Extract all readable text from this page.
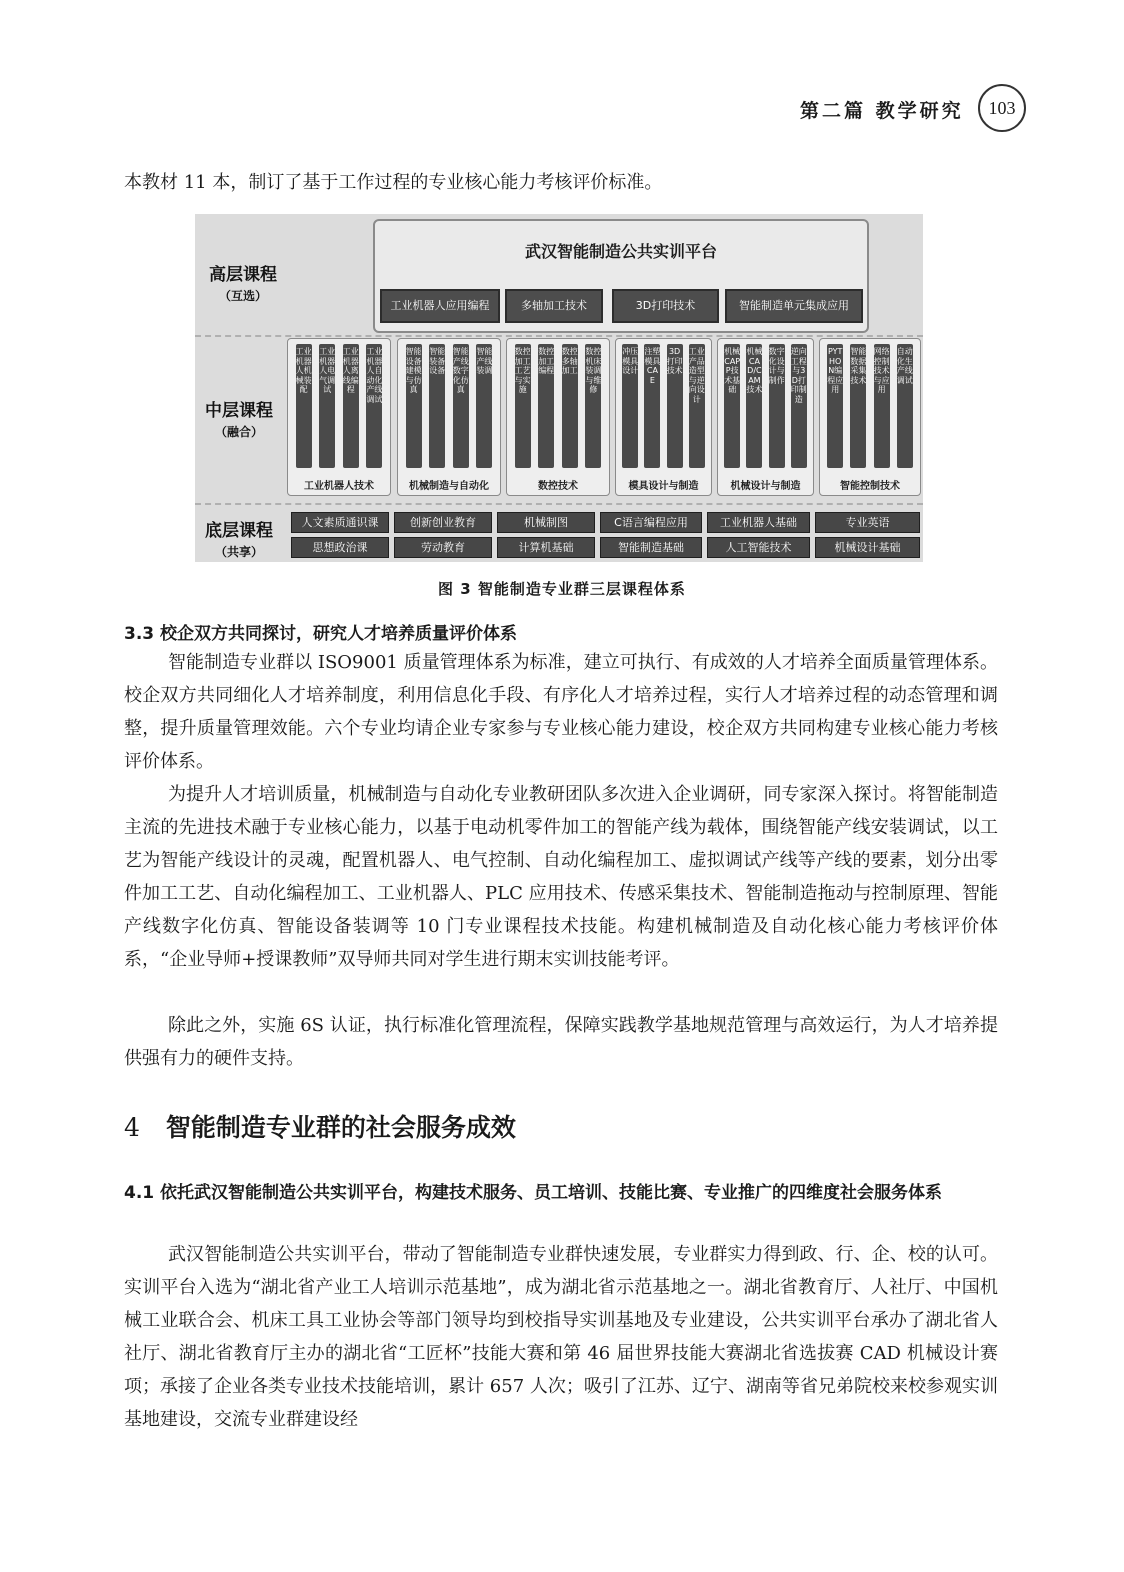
第二篇 教学研究	103

本教材 11 本，制订了基于工作过程的专业核心能力考核评价标准。

高层课程
（互选）
武汉智能制造公共实训平台
工业机器人应用编程	多轴加工技术	3D打印技术	智能制造单元集成应用
中层课程
（融合）
工业机器人机械装配
工业机器人电气调试
工业机器人离线编程
工业机器人自动化产线调试
工业机器人技术
智能设备建模与仿真
智能装备设备
智能产线数字化仿真
智能产线装调
机械制造与自动化
数控加工工艺与实施
数控加工编程
数控多轴加工
数控机床装调与维修
数控技术
冲压模具设计
注塑模具CAE
3D打印技术
工业产品造型与逆向设计
模具设计与制造
机械CAPP技术基础
机械CAD/CAM技术
数字化设计与制作
逆向工程与3D打印制造
机械设计与制造
PYTHON编程应用
智能数据采集技术
网络控制技术与应用
自动化生产线调试
智能控制技术
底层课程
（共享）
人文素质通识课	创新创业教育	机械制图	C语言编程应用	工业机器人基础	专业英语
思想政治课	劳动教育	计算机基础	智能制造基础	人工智能技术	机械设计基础
图 3 智能制造专业群三层课程体系
3.3 校企双方共同探讨，研究人才培养质量评价体系

智能制造专业群以 ISO9001 质量管理体系为标准，建立可执行、有成效的人才培养全面质量管理体系。校企双方共同细化人才培养制度，利用信息化手段、有序化人才培养过程，实行人才培养过程的动态管理和调整，提升质量管理效能。六个专业均请企业专家参与专业核心能力建设，校企双方共同构建专业核心能力考核评价体系。

为提升人才培训质量，机械制造与自动化专业教研团队多次进入企业调研，同专家深入探讨。将智能制造主流的先进技术融于专业核心能力，以基于电动机零件加工的智能产线为载体，围绕智能产线安装调试，以工艺为智能产线设计的灵魂，配置机器人、电气控制、自动化编程加工、虚拟调试产线等产线的要素，划分出零件加工工艺、自动化编程加工、工业机器人、PLC 应用技术、传感采集技术、智能制造拖动与控制原理、智能产线数字化仿真、智能设备装调等 10 门专业课程技术技能。构建机械制造及自动化核心能力考核评价体系，“企业导师+授课教师”双导师共同对学生进行期末实训技能考评。

除此之外，实施 6S 认证，执行标准化管理流程，保障实践教学基地规范管理与高效运行，为人才培养提供强有力的硬件支持。

4 智能制造专业群的社会服务成效
4.1 依托武汉智能制造公共实训平台，构建技术服务、员工培训、技能比赛、专业推广的四维度社会服务体系

武汉智能制造公共实训平台，带动了智能制造专业群快速发展，专业群实力得到政、行、企、校的认可。实训平台入选为“湖北省产业工人培训示范基地”，成为湖北省示范基地之一。湖北省教育厅、人社厅、中国机械工业联合会、机床工具工业协会等部门领导均到校指导实训基地及专业建设，公共实训平台承办了湖北省人社厅、湖北省教育厅主办的湖北省“工匠杯”技能大赛和第 46 届世界技能大赛湖北省选拔赛 CAD 机械设计赛项；承接了企业各类专业技术技能培训，累计 657 人次；吸引了江苏、辽宁、湖南等省兄弟院校来校参观实训基地建设，交流专业群建设经
